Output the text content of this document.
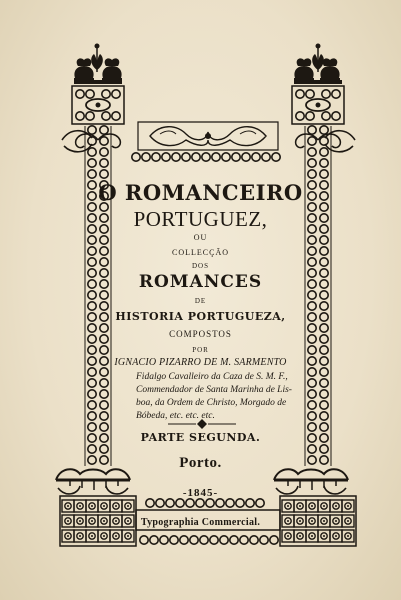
O ROMANCEIRO
PORTUGUEZ,
OU
COLLECÇÃO
DOS
ROMANCES
DE
HISTORIA PORTUGUEZA,
COMPOSTOS
POR
IGNACIO PIZARRO DE M. SARMENTO
Fidalgo Cavalleiro da Caza de S. M. F.,
Commendador de Santa Marinha de Lis-
boa, da Ordem de Christo, Morgado de
Bóbeda, etc. etc. etc.
PARTE SEGUNDA.
Porto.
-1845-
Typographia Commercial.
